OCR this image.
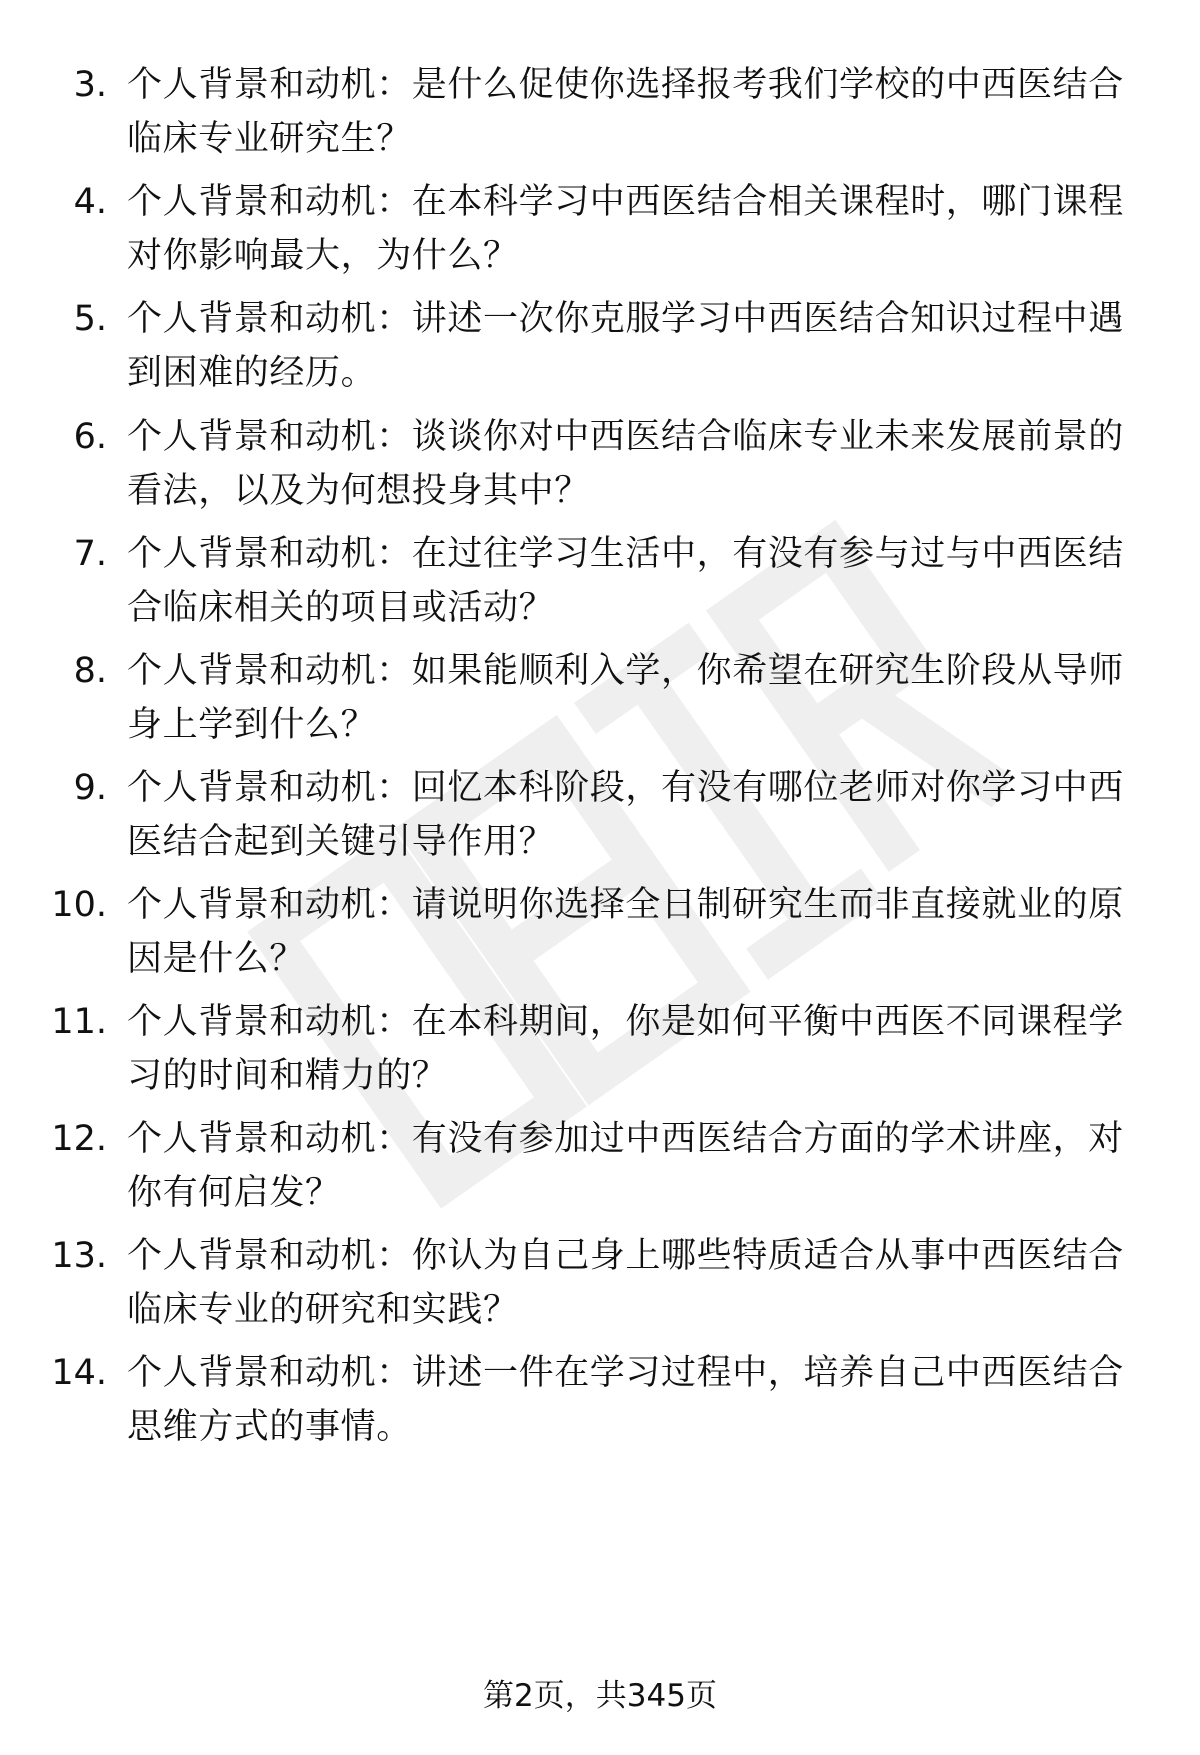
3. 个人背景和动机：是什么促使你选择报考我们学校的中西医结合临床专业研究生？
4. 个人背景和动机：在本科学习中西医结合相关课程时，哪门课程对你影响最大，为什么？
5. 个人背景和动机：讲述一次你克服学习中西医结合知识过程中遇到困难的经历。
6. 个人背景和动机：谈谈你对中西医结合临床专业未来发展前景的看法，以及为何想投身其中？
7. 个人背景和动机：在过往学习生活中，有没有参与过与中西医结合临床相关的项目或活动？
8. 个人背景和动机：如果能顺利入学，你希望在研究生阶段从导师身上学到什么？
9. 个人背景和动机：回忆本科阶段，有没有哪位老师对你学习中西医结合起到关键引导作用？
10. 个人背景和动机：请说明你选择全日制研究生而非直接就业的原因是什么？
11. 个人背景和动机：在本科期间，你是如何平衡中西医不同课程学习的时间和精力的？
12. 个人背景和动机：有没有参加过中西医结合方面的学术讲座，对你有何启发？
13. 个人背景和动机：你认为自己身上哪些特质适合从事中西医结合临床专业的研究和实践？
14. 个人背景和动机：讲述一件在学习过程中，培养自己中西医结合思维方式的事情。
第2页，共345页
